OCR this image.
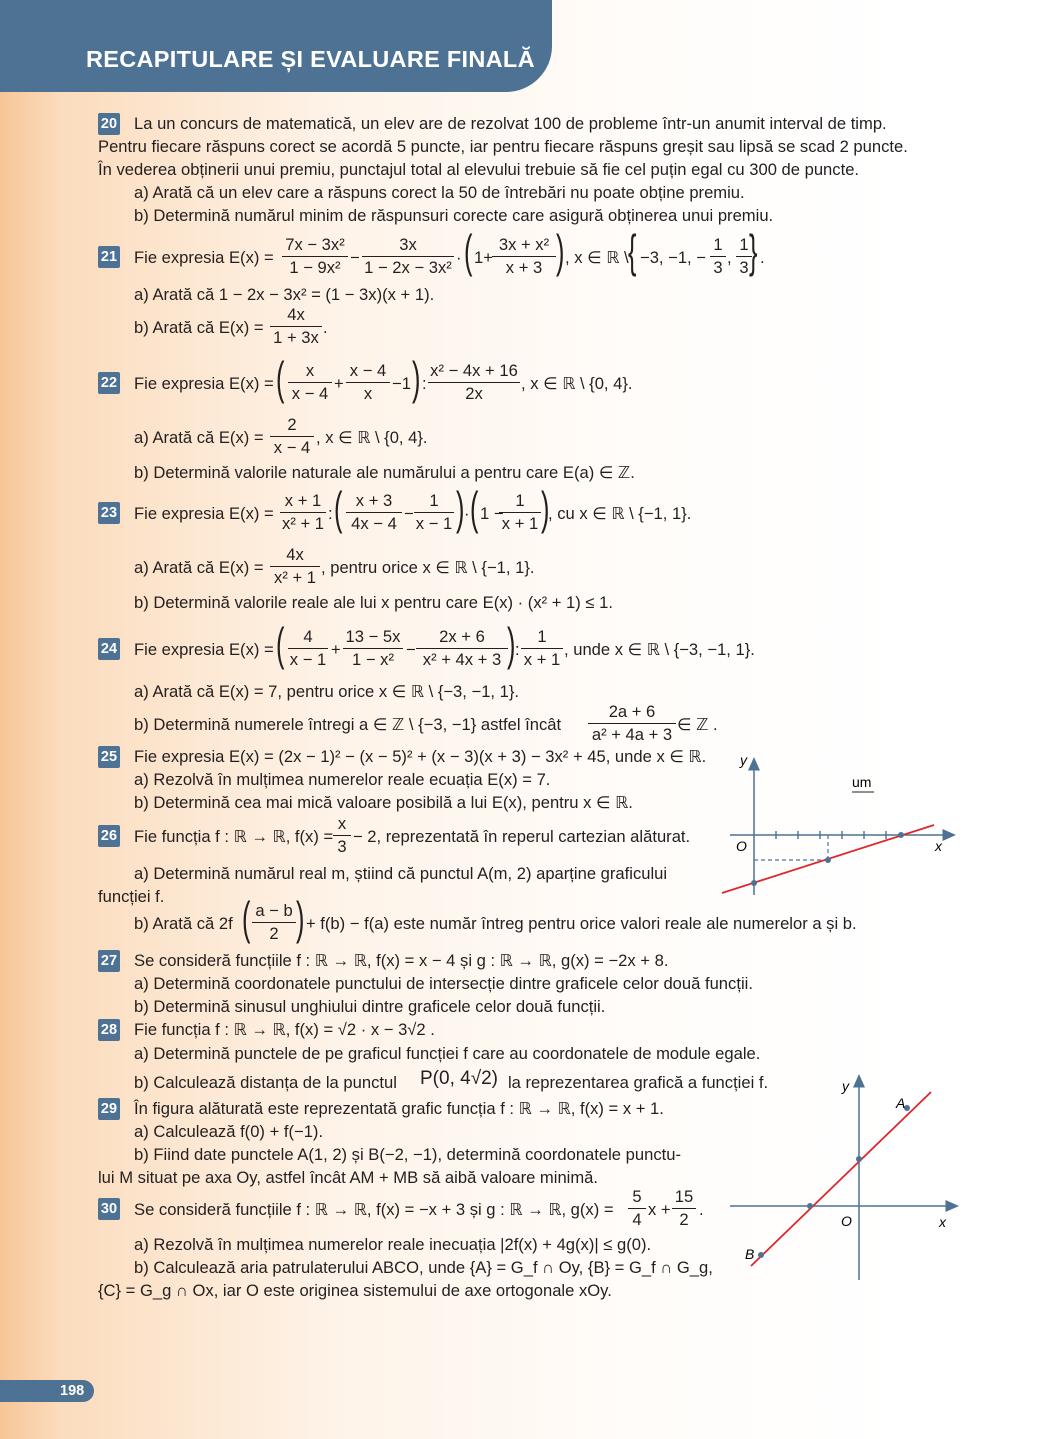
RECAPITULARE ȘI EVALUARE FINALĂ
20 La un concurs de matematică, un elev are de rezolvat 100 de probleme într-un anumit interval de timp.
Pentru fiecare răspuns corect se acordă 5 puncte, iar pentru fiecare răspuns greșit sau lipsă se scad 2 puncte.
În vederea obținerii unui premiu, punctajul total al elevului trebuie să fie cel puțin egal cu 300 de puncte.
a) Arată că un elev care a răspuns corect la 50 de întrebări nu poate obține premiu.
b) Determină numărul minim de răspunsuri corecte care asigură obținerea unui premiu.
21 Fie expresia $E(x) = \frac{\text{7x − 3x²}}{\text{1 − 9x²}} - \frac{3x}{\text{1 − 2x − 3x²}}$ · ( $1+ \frac{\text{3x + x²}}{x + 3}$ ) , x ∈ ℝ \ { −3, −1, − $\frac{1}{3}$ , $\frac{1}{3}$
} .
a) Arată că 1 − 2x − 3x² = (1 − 3x)(x + 1).
b) Arată că $E(x) = \frac{4x}{1 + 3x}$ .
22 Fie expresia E(x) = ( $\frac{x}{x - 4} + \frac{x - 4}{x} -1$ ) : $\frac{\text{x² − 4x + 16}}{2x}$ , x ∈ ℝ \ {0, 4}.
a) Arată că $E(x) = \frac{2}{x - 4}$ , x ∈ ℝ \ {0, 4}.
b) Determină valorile naturale ale numărului a pentru care E(a) ∈ ℤ.
23 Fie expresia $E(x) = \frac{x + 1}{\text{x² + 1}}$ : ( $\frac{x + 3}{4x - 4} - \frac{1}{x - 1}$ ) · ( 1 −
$\frac{1}{x + 1}$ )
, cu x ∈ ℝ \ {−1, 1}.
a) Arată că $E(x) = \frac{4x}{\text{x² + 1}}$ , pentru orice x ∈ ℝ \ {−1, 1}.
b) Determină valorile reale ale lui x pentru care E(x) · (x² + 1) ≤ 1.
24 Fie expresia E(x) = ( $\frac{4}{x - 1} + \frac{13 - 5x}{\text{1 − x²}} - \frac{2x + 6}{\text{x² + 4x + 3}}$ ) : $\frac{1}{x + 1}$ , unde x ∈ ℝ \ {−3, −1, 1}.
a) Arată că E(x) = 7, pentru orice x ∈ ℝ \ {−3, −1, 1}.
b) Determină numerele întregi a ∈ ℤ \ {−3, −1} astfel încât $\frac{2a + 6}{\text{a² + 4a + 3}}$ ∈ ℤ .
25 Fie expresia E(x) = (2x − 1)² − (x − 5)² + (x − 3)(x + 3) − 3x² + 45, unde x ∈ ℝ.
a) Rezolvă în mulțimea numerelor reale ecuația E(x) = 7.
b) Determină cea mai mică valoare posibilă a lui E(x), pentru x ∈ ℝ.
26 Fie funcția f : ℝ → ℝ, $f(x) = \frac{x}{3} - 2$, reprezentată în reperul cartezian alăturat.
a) Determină numărul real m, știind că punctul A(m, 2) aparține graficului
funcției f.
b) Arată că 2f ( $\frac{a - b}{2}$ ) + f(b) − f(a) este număr întreg pentru orice valori reale ale numerelor a și b.
27 Se consideră funcțiile f : ℝ → ℝ, f(x) = x − 4 și g : ℝ → ℝ, g(x) = −2x + 8.
a) Determină coordonatele punctului de intersecție dintre graficele celor două funcții.
b) Determină sinusul unghiului dintre graficele celor două funcții.
28 Fie funcția f : ℝ → ℝ, f(x) = √2 · x − 3√2 .
a) Determină punctele de pe graficul funcției f care au coordonatele de module egale.
b) Calculează distanța de la punctul P(0, 4√2) la reprezentarea grafică a funcției f.
29 În figura alăturată este reprezentată grafic funcția f : ℝ → ℝ, f(x) = x + 1.
a) Calculează f(0) + f(−1).
b) Fiind date punctele A(1, 2) și B(−2, −1), determină coordonatele punctu-
lui M situat pe axa Oy, astfel încât AM + MB să aibă valoare minimă.
30 Se consideră funcțiile f : ℝ → ℝ, f(x) = −x + 3 și g : ℝ → ℝ, $g(x) = \frac{5}{4}$ $x + \frac{15}{2}$ .
a) Rezolvă în mulțimea numerelor reale inecuația |2f(x) + 4g(x)| ≤ g(0).
b) Calculează aria patrulaterului ABCO, unde {A} = G_f ∩ Oy, {B} = G_f ∩ G_g,
{C} = G_g ∩ Ox, iar O este originea sistemului de axe ortogonale xOy.
um
y
x
O
y
x
O
A
B
198
